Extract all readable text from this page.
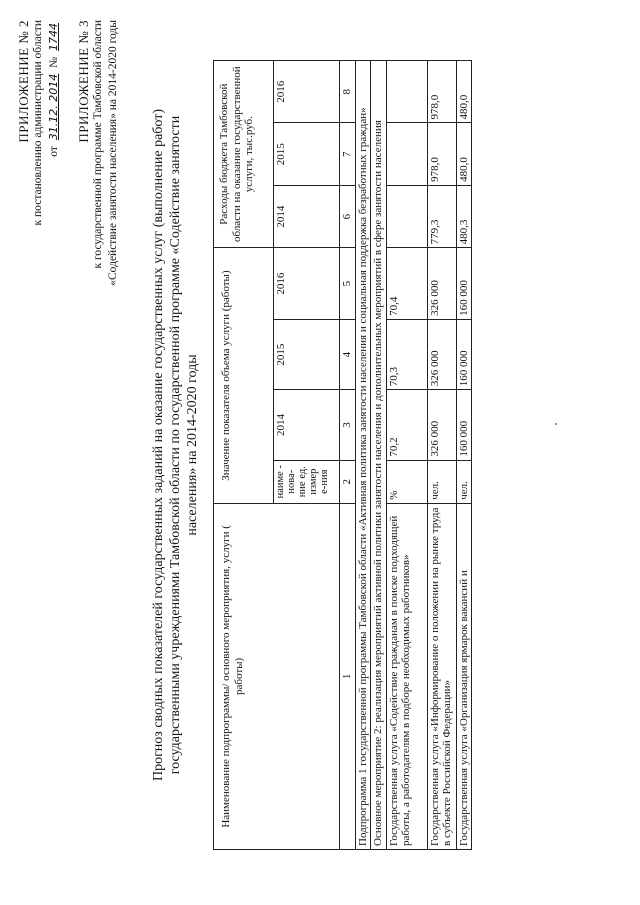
ПРИЛОЖЕНИЕ № 2 к постановлению администрации области от 31.12. 2014 № 1744 ПРИЛОЖЕНИЕ № 3 к государственной программе Тамбовской области «Содействие занятости населения» на 2014-2020 годы Прогноз сводных показателей государственных заданий на оказание государственных услуг (выполнение работ) государственными учреждениями Тамбовской области по государственной программе «Содействие занятости населения» на 2014-2020 годы
Наименование подпрограммы/ основного мероприятия, услуги ( работы)	Значение показателя объема услуги (работы)				Расходы бюджета Тамбовской области на оказание государственной услуги, тыс.руб.		
	наиме - нова- ние ед. измер е-ния	2014	2015	2016	2014	2015	2016
1	2	3	4	5	6	7	8
Подпрограмма 1 государственной программы Тамбовской области «Активная политика занятости населения и социальная поддержка безработных граждан»							
Основное мероприятие 2: реализация мероприятий активной политики занятости населения и дополнительных мероприятий в сфере занятости населения							
Государственная услуга «Содействие гражданам в поиске подходящей работы, а работодателям в подборе необходимых работников»	%	70,2	70,3	70,4			
Государственная услуга «Информирование о положении на рынке труда в субъекте Российской Федерации»	чел.	326 000	326 000	326 000	779,3	978,0	978,0
Государственная услуга «Организация ярмарок вакансий и	чел.	160 000	160 000	160 000	480,3	480,0	480,0
